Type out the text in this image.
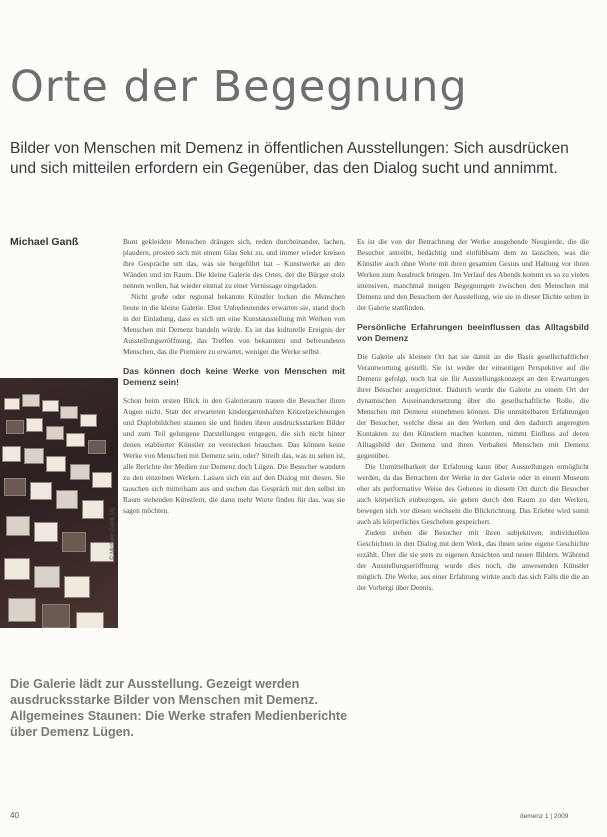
Orte der Begegnung

Bilder von Menschen mit Demenz in öffentlichen Ausstellungen: Sich ausdrücken und sich mitteilen erfordern ein Gegenüber, das den Dialog sucht und annimmt.

Michael Ganß
© Michael Ganß (4)

Bunt gekleidete Menschen drängen sich, reden durcheinander, lachen, plaudern, prosten sich mit einem Glas Sekt zu, und immer wieder kreisen ihre Gespräche um das, was sie hergeführt hat – Kunstwerke an den Wänden und im Raum. Die kleine Galerie des Ortes, der die Bürger stolz nennen wollen, hat wieder einmal zu einer Vernissage eingeladen.

Nicht große oder regional bekannte Künstler locken die Menschen heute in die kleine Galerie. Eher Unbedeutendes erwarten sie, stand doch in der Einladung, dass es sich um eine Kunstausstellung mit Werken von Menschen mit Demenz handeln würde. Es ist das kulturelle Ereignis der Ausstellungseröffnung, das Treffen von bekannten und befreundeten Menschen, das die Premiere zu erwartet, weniger die Werke selbst.

Das können doch keine Werke von Menschen mit Demenz sein!

Schon beim ersten Blick in den Galerieraum trauen die Besucher ihren Augen nicht. Statt der erwarteten kindergartenhaften Kritzelzeichnungen und Duplobildchen staunen sie und finden ihren ausdrucksstarken Bilder und zum Teil gelungene Darstellungen entgegen, die sich nicht hinter denen etablierter Künstler zu verstecken brauchen. Das können keine Werke von Menschen mit Demenz sein, oder? Streift das, was zu sehen ist, alle Berichte der Medien zur Demenz doch Lügen. Die Besucher wandern zu den einzelnen Werken. Lassen sich ein auf den Dialog mit diesen. Sie tauschen sich mitteilsam aus und suchen das Gespräch mit den selbst im Raum stehenden Künstlern, die dann mehr Worte finden für das, was sie sagen möchten.

Es ist die von der Betrachtung der Werke ausgehende Neugierde, die die Besucher antreibt, bedächtig und einfühlsam dem zu lauschen, was die Künstler auch ohne Worte mit ihren gesamten Gestus und Haltung vor ihren Werken zum Ausdruck bringen. Im Verlauf des Abends kommt es so zu vielen intensiven, manchmal innigen Begegnungen zwischen den Menschen mit Demenz und den Besuchern der Ausstellung, wie sie in dieser Dichte selten in der Galerie stattfinden.

Persönliche Erfahrungen beeinflussen das Alltagsbild von Demenz

Die Galerie als kleinen Ort hat sie damit an die Basis gesellschaftlicher Verantwortung gestellt. Sie ist weder der einseitigen Perspektive auf die Demenz gefolgt, noch hat sie für Ausstellungskonzept an den Erwartungen ihrer Besucher ausgerichtet. Dadurch wurde die Galerie zu einem Ort der dynamischen Auseinandersetzung über die gesellschaftliche Rolle, die Menschen mit Demenz einnehmen können. Die unmittelbaren Erfahrungen der Besucher, welche diese an den Werken und den dadurch angeregten Kontakten zu den Künstlern machen konnten, nimmt Einfluss auf deren Alltagsbild der Demenz und ihren Verhalten Menschen mit Demenz gegenüber.

Die Unmittelbarkeit der Erfahrung kann über Ausstellungen ermöglicht werden, da das Betrachten der Werke in der Galerie oder in einem Museum eher als performative Weise des Gehenes in diesem Ort durch die Besucher auch körperlich einbezogen, sie gehen durch den Raum zu den Werken, bewegen sich vor diesen wechseln die Blickrichtung. Das Erlebte wird somit auch als körperliches Geschehen gespeichert.

Zudem stehen die Besucher mit ihren subjektiven, individuellen Geschichten in den Dialog mit dem Werk, das ihnen seine eigene Geschichte erzählt. Über die sie stets zu eigenen Ansichten und neuen Bildern. Während der Ausstellungseröffnung wurde dies noch, die anwesenden Künstler möglich. Die Werke, aus einer Erfahrung wirkte auch das sich Falls die die an der Vorbergi über Dennis.

Die Galerie lädt zur Ausstellung. Gezeigt werden ausdrucksstarke Bilder von Menschen mit Demenz. Allgemeines Staunen: Die Werke strafen Medienberichte über Demenz Lügen.

40	demenz 1 | 2009
